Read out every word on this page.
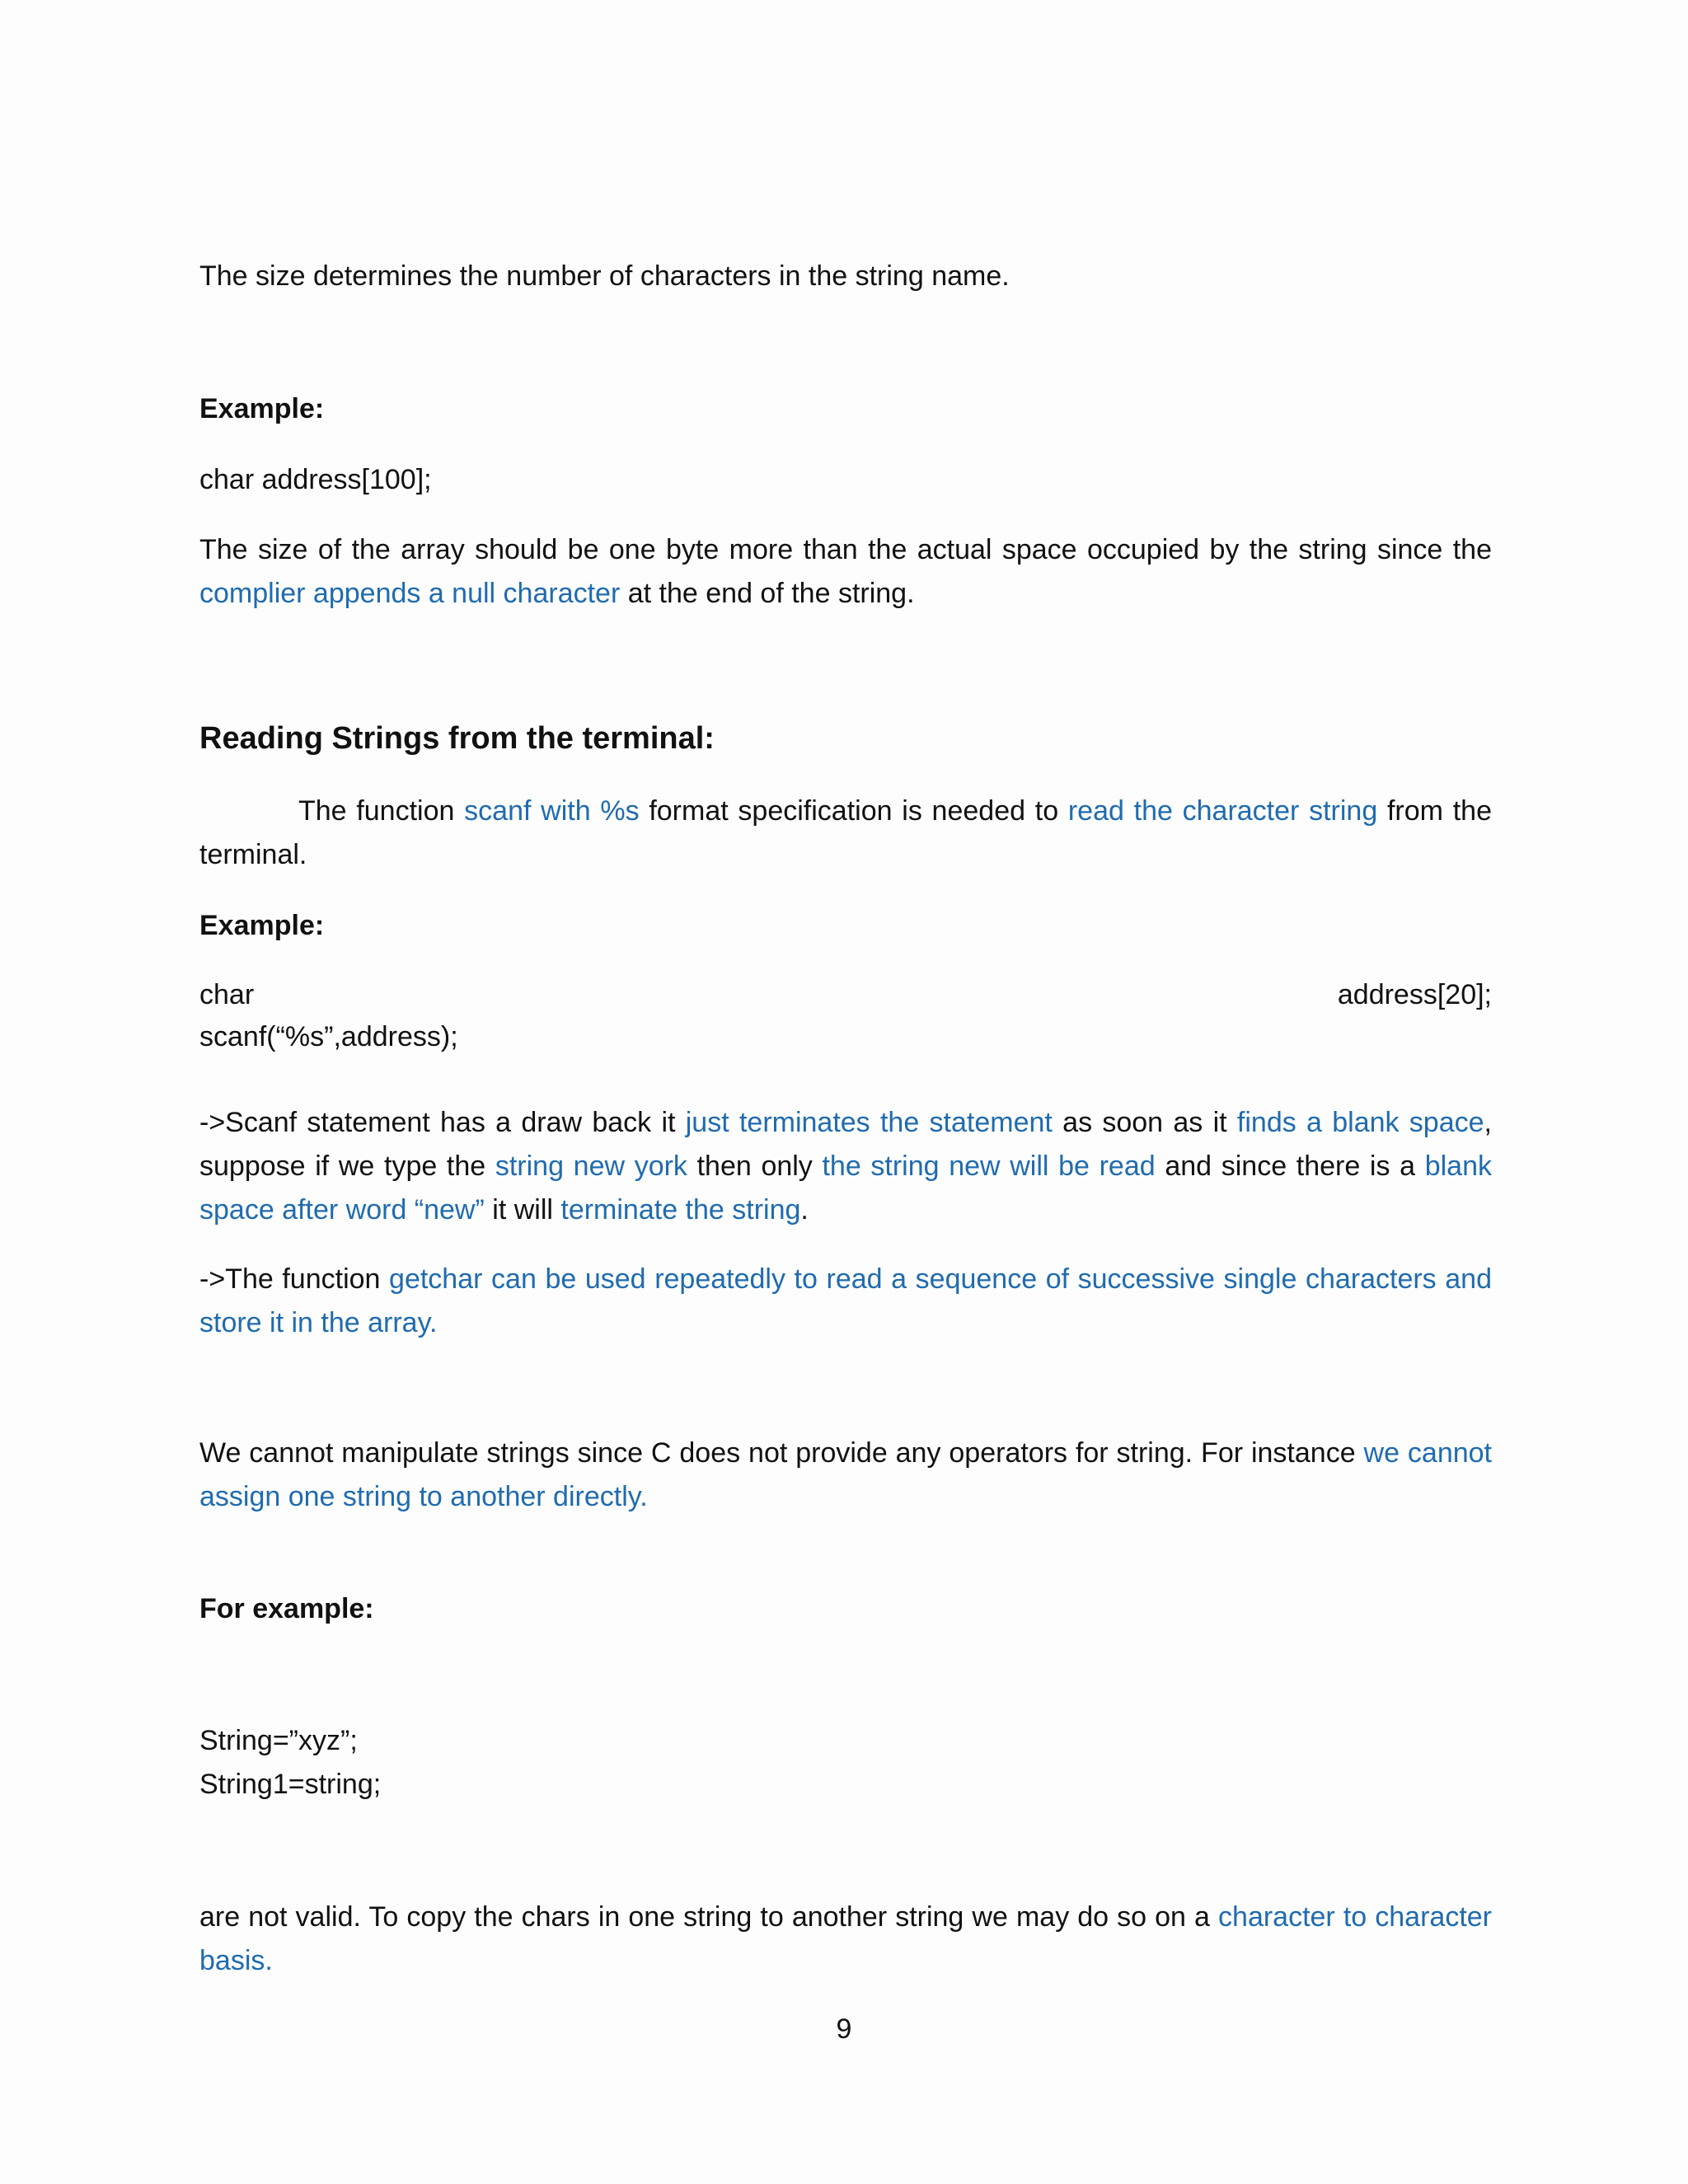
The size determines the number of characters in the string name.
Example:
char address[100];
The size of the array should be one byte more than the actual space occupied by the string since the complier appends a null character at the end of the string.
Reading Strings from the terminal:
The function scanf with %s format specification is needed to read the character string from the terminal.
Example:
char	address[20];
scanf(“%s”,address);
->Scanf statement has a draw back it just terminates the statement as soon as it finds a blank space, suppose if we type the string new york then only the string new will be read and since there is a blank space after word “new” it will terminate the string.
->The function getchar can be used repeatedly to read a sequence of successive single characters and store it in the array.
We cannot manipulate strings since C does not provide any operators for string. For instance we cannot assign one string to another directly.
For example:
String=”xyz”;
String1=string;
are not valid. To copy the chars in one string to another string we may do so on a character to character basis.
9
